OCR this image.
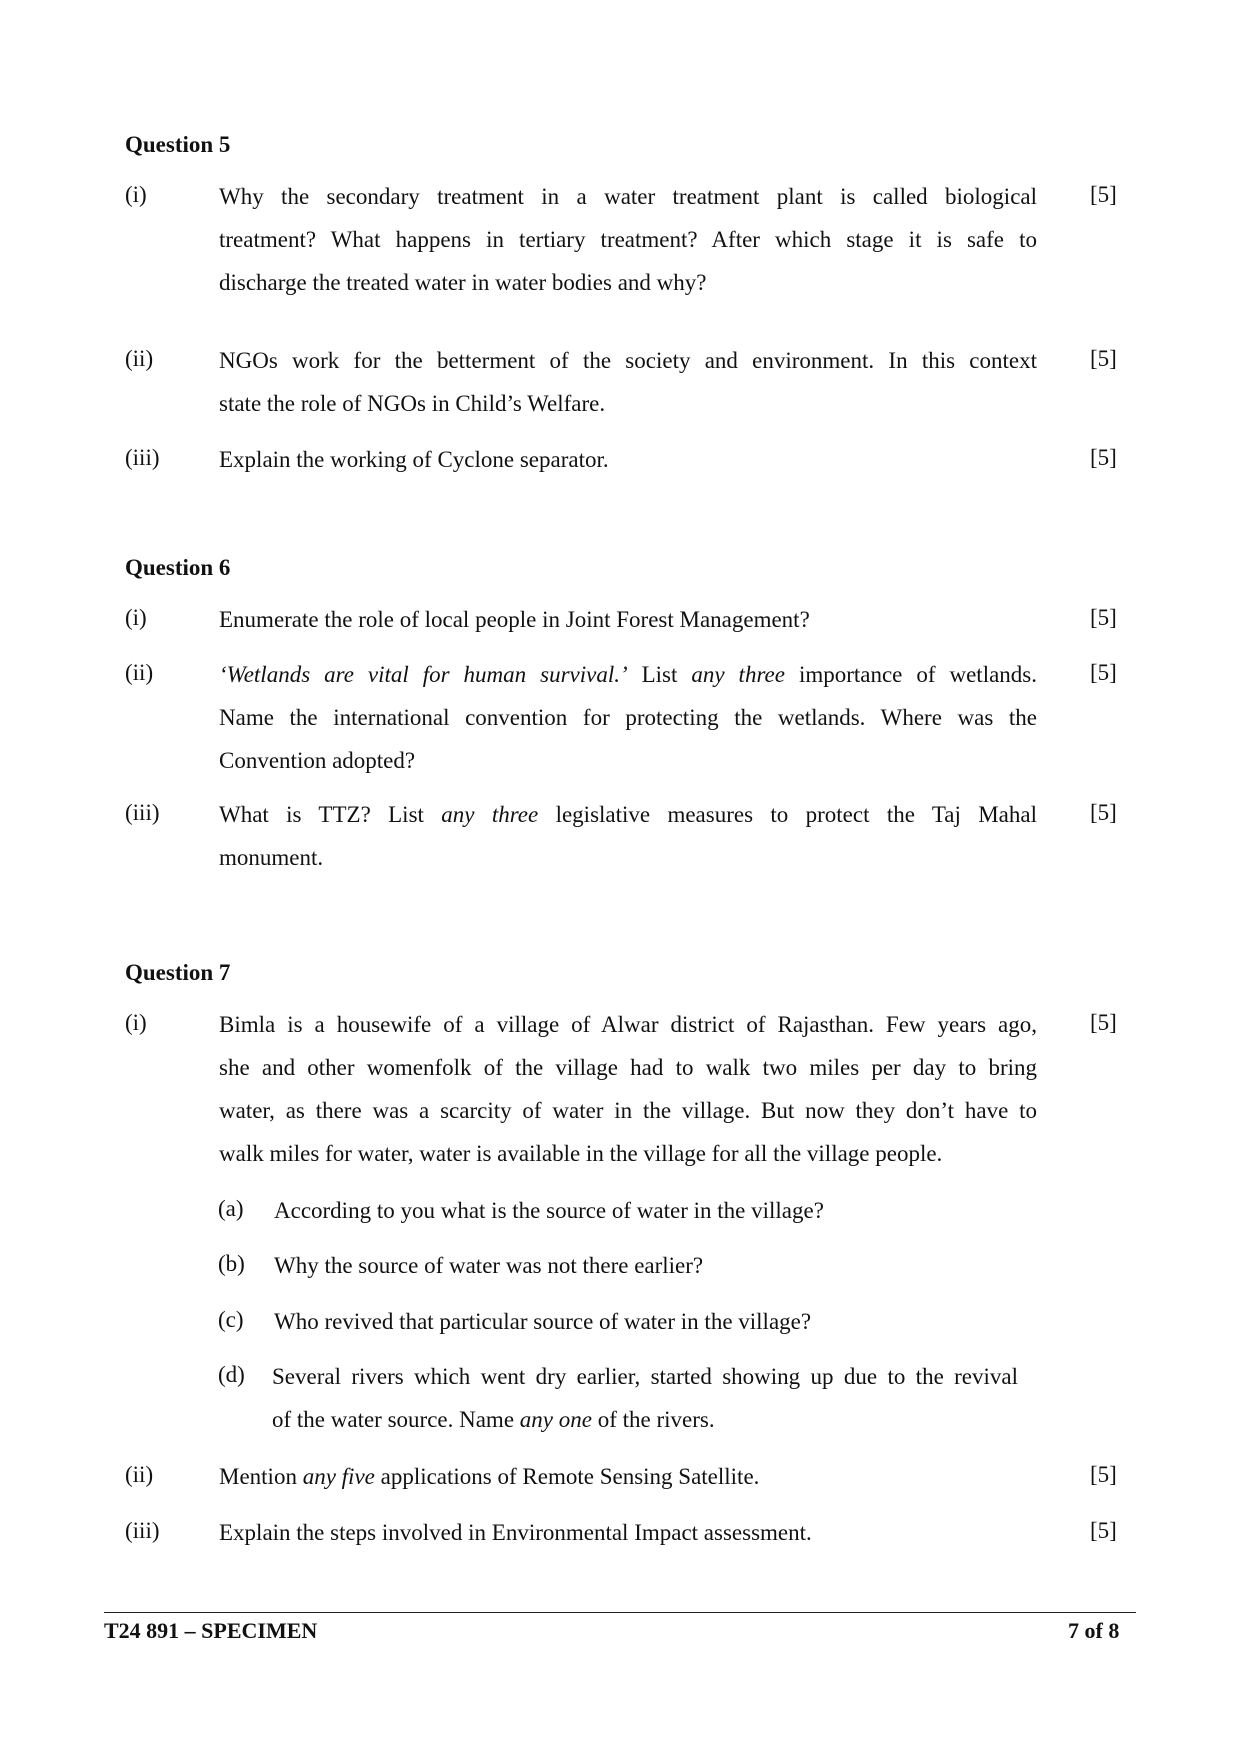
Question 5
(i)	Why the secondary treatment in a water treatment plant is called biological
treatment? What happens in tertiary treatment? After which stage it is safe to
discharge the treated water in water bodies and why?
[5]
(ii)	NGOs work for the betterment of the society and environment. In this context
state the role of NGOs in Child’s Welfare.
[5]
(iii)	Explain the working of Cyclone separator.	[5]
Question 6
(i)	Enumerate the role of local people in Joint Forest Management?	[5]
(ii)	‘Wetlands are vital for human survival.’ List any three importance of wetlands.
Name the international convention for protecting the wetlands. Where was the
Convention adopted?
[5]
(iii)	What is TTZ? List any three legislative measures to protect the Taj Mahal
monument.
[5]
Question 7
(i)	Bimla is a housewife of a village of Alwar district of Rajasthan. Few years ago,
she and other womenfolk of the village had to walk two miles per day to bring
water, as there was a scarcity of water in the village. But now they don’t have to
walk miles for water, water is available in the village for all the village people.
[5]
(a) According to you what is the source of water in the village?
(b) Why the source of water was not there earlier?
(c) Who revived that particular source of water in the village?
(d) Several rivers which went dry earlier, started showing up due to the revival
of the water source. Name any one of the rivers.
(ii)	Mention any five applications of Remote Sensing Satellite.	[5]
(iii)	Explain the steps involved in Environmental Impact assessment.	[5]
T24 891 – SPECIMEN	7 of 8
